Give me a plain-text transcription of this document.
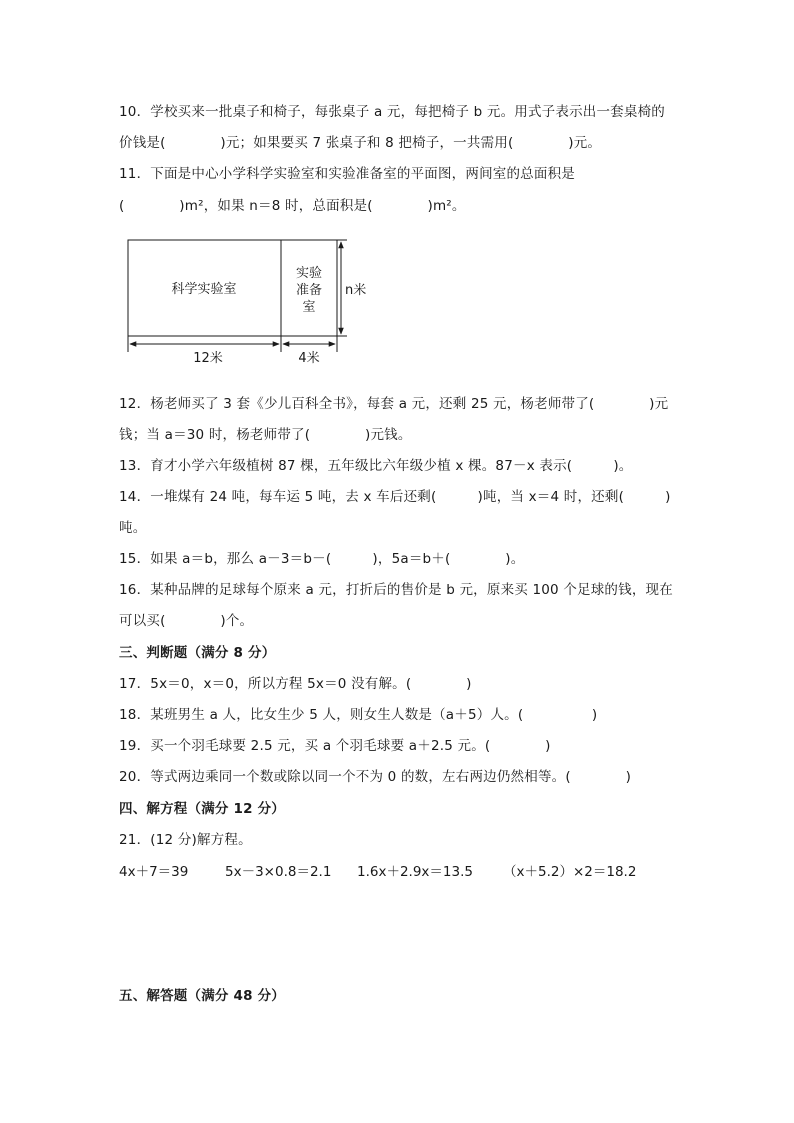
10．学校买来一批桌子和椅子，每张桌子 a 元，每把椅子 b 元。用式子表示出一套桌椅的
价钱是(　　　　)元；如果要买 7 张桌子和 8 把椅子，一共需用(　　　　)元。
11．下面是中心小学科学实验室和实验准备室的平面图，两间室的总面积是
(　　　　)m²，如果 n＝8 时，总面积是(　　　　)m²。
科学实验室
实验
准备
室
n米
12米	4米
12．杨老师买了 3 套《少儿百科全书》，每套 a 元，还剩 25 元，杨老师带了(　　　　)元
钱；当 a＝30 时，杨老师带了(　　　　)元钱。
13．育才小学六年级植树 87 棵，五年级比六年级少植 x 棵。87－x 表示(　　　)。
14．一堆煤有 24 吨，每车运 5 吨，去 x 车后还剩(　　　)吨，当 x＝4 时，还剩(　　　)
吨。
15．如果 a＝b，那么 a－3＝b－(　　　)，5a＝b＋(　　　　)。
16．某种品牌的足球每个原来 a 元，打折后的售价是 b 元，原来买 100 个足球的钱，现在
可以买(　　　　)个。
三、判断题（满分 8 分）
17．5x＝0，x＝0，所以方程 5x＝0 没有解。(　　　　)
18．某班男生 a 人，比女生少 5 人，则女生人数是（a＋5）人。(　　　　　)
19．买一个羽毛球要 2.5 元，买 a 个羽毛球要 a＋2.5 元。(　　　　)
20．等式两边乘同一个数或除以同一个不为 0 的数，左右两边仍然相等。(　　　　)
四、解方程（满分 12 分）
21．(12 分)解方程。
4x＋7＝39	5x－3×0.8＝2.1 1.6x＋2.9x＝13.5 （x＋5.2）×2＝18.2
五、解答题（满分 48 分）
